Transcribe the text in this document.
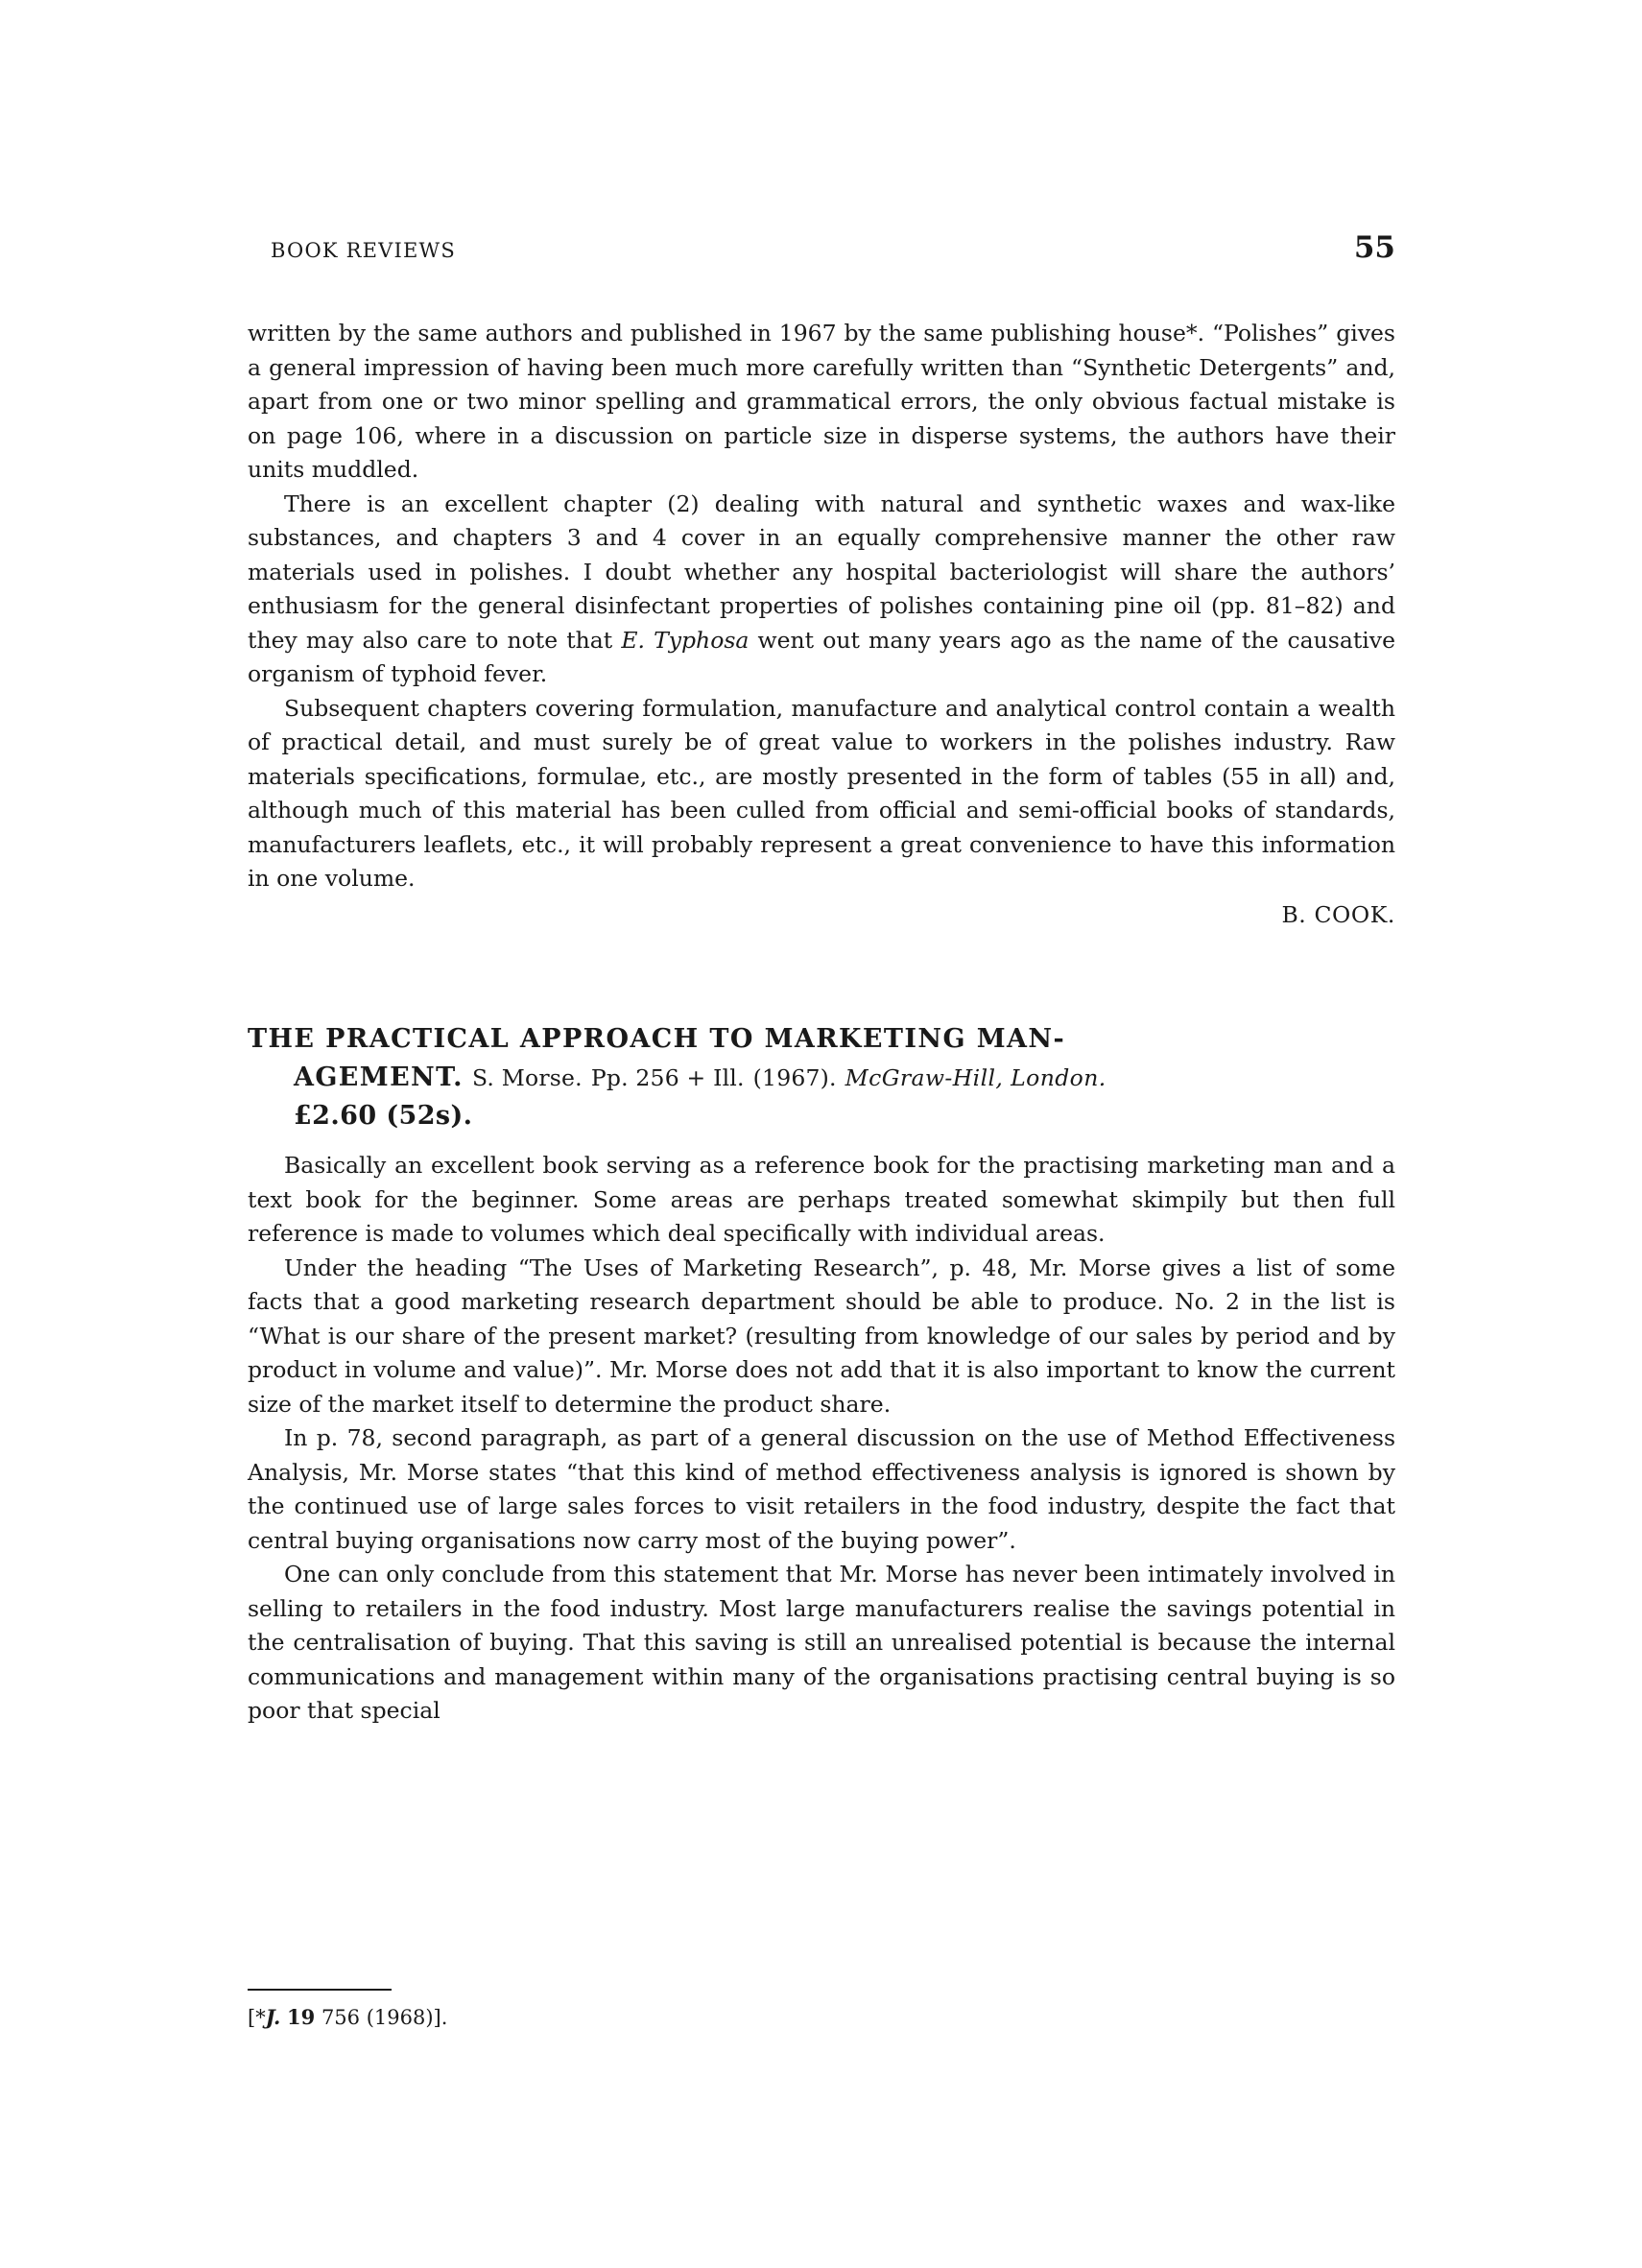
BOOK REVIEWS	55

written by the same authors and published in 1967 by the same publishing house*. “Polishes” gives a general impression of having been much more carefully written than “Synthetic Detergents” and, apart from one or two minor spelling and grammatical errors, the only obvious factual mistake is on page 106, where in a discussion on particle size in disperse systems, the authors have their units muddled.

There is an excellent chapter (2) dealing with natural and synthetic waxes and wax-like substances, and chapters 3 and 4 cover in an equally comprehensive manner the other raw materials used in polishes. I doubt whether any hospital bacteriologist will share the authors’ enthusiasm for the general disinfectant properties of polishes containing pine oil (pp. 81–82) and they may also care to note that E. Typhosa went out many years ago as the name of the causative organism of typhoid fever.

Subsequent chapters covering formulation, manufacture and analytical control contain a wealth of practical detail, and must surely be of great value to workers in the polishes industry. Raw materials specifications, formulae, etc., are mostly presented in the form of tables (55 in all) and, although much of this material has been culled from official and semi-official books of standards, manufacturers leaflets, etc., it will probably represent a great convenience to have this information in one volume.

B. COOK.
THE PRACTICAL APPROACH TO MARKETING MAN-
AGEMENT. S. Morse. Pp. 256 + Ill. (1967). McGraw-Hill, London.
£2.60 (52s).

Basically an excellent book serving as a reference book for the practising marketing man and a text book for the beginner. Some areas are perhaps treated somewhat skimpily but then full reference is made to volumes which deal specifically with individual areas.

Under the heading “The Uses of Marketing Research”, p. 48, Mr. Morse gives a list of some facts that a good marketing research department should be able to produce. No. 2 in the list is “What is our share of the present market? (resulting from knowledge of our sales by period and by product in volume and value)”. Mr. Morse does not add that it is also important to know the current size of the market itself to determine the product share.

In p. 78, second paragraph, as part of a general discussion on the use of Method Effectiveness Analysis, Mr. Morse states “that this kind of method effectiveness analysis is ignored is shown by the continued use of large sales forces to visit retailers in the food industry, despite the fact that central buying organisations now carry most of the buying power”.

One can only conclude from this statement that Mr. Morse has never been intimately involved in selling to retailers in the food industry. Most large manufacturers realise the savings potential in the centralisation of buying. That this saving is still an unrealised potential is because the internal communications and management within many of the organisations practising central buying is so poor that special

[*J. 19 756 (1968)].
